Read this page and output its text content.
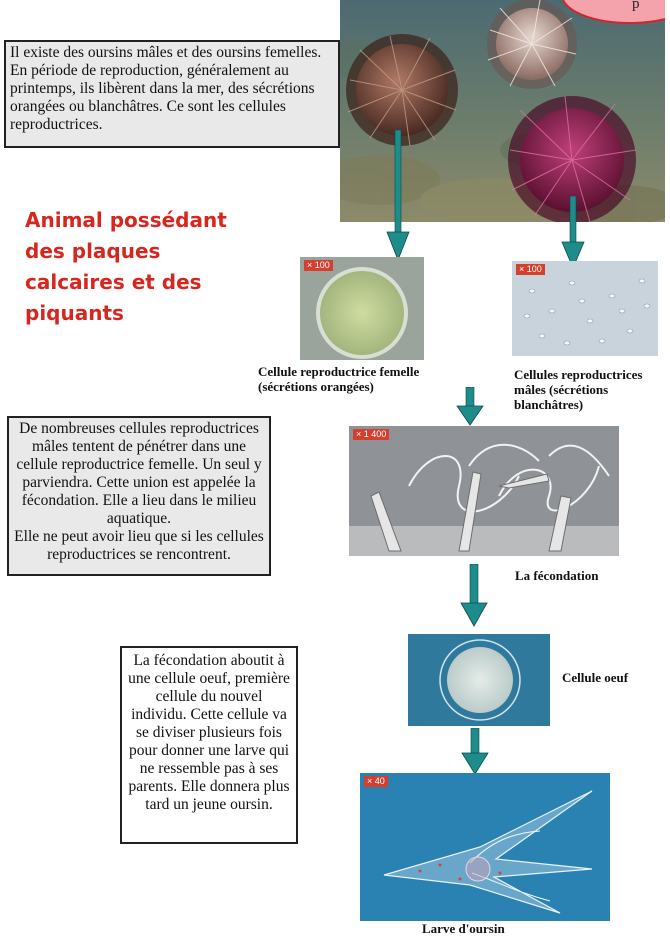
p
Il existe des oursins mâles et des oursins femelles. En période de reproduction, généralement au printemps, ils libèrent dans la mer, des sécrétions orangées ou blanchâtres. Ce sont les cellules reproductrices.
Animal possédant
des plaques
calcaires et des
piquants
× 100
Cellule reproductrice femelle (sécrétions orangées)
× 100
Cellules reproductrices mâles (sécrétions blanchâtres)
De nombreuses cellules reproductrices mâles tentent de pénétrer dans une cellule reproductrice femelle. Un seul y parviendra. Cette union est appelée la fécondation. Elle a lieu dans le milieu aquatique.
Elle ne peut avoir lieu que si les cellules reproductrices se rencontrent.
× 1 400
La fécondation
La fécondation aboutit à une cellule oeuf, première cellule du nouvel individu. Cette cellule va se diviser plusieurs fois pour donner une larve qui ne ressemble pas à ses parents. Elle donnera plus tard un jeune oursin.
Cellule oeuf
× 40
Larve d'oursin
